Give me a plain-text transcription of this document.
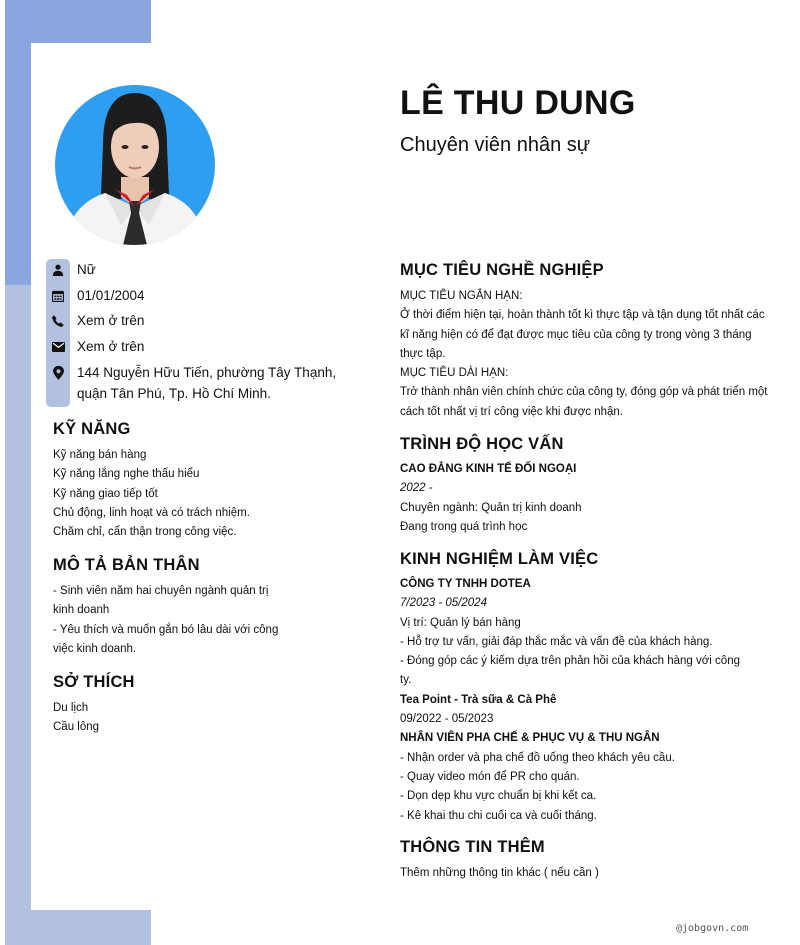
LÊ THU DUNG
Chuyên viên nhân sự
Nữ
01/01/2004
Xem ở trên
Xem ở trên
144 Nguyễn Hữu Tiến, phường Tây Thạnh, quận Tân Phú, Tp. Hồ Chí Minh.
KỸ NĂNG
Kỹ năng bán hàng
Kỹ năng lắng nghe thấu hiểu
Kỹ năng giao tiếp tốt
Chủ động, linh hoạt và có trách nhiệm.
Chăm chỉ, cẩn thận trong công việc.
MÔ TẢ BẢN THÂN
- Sinh viên năm hai chuyên ngành quản trị
kinh doanh
- Yêu thích và muốn gắn bó lâu dài với công
việc kinh doanh.
SỞ THÍCH
Du lịch
Cầu lông
MỤC TIÊU NGHỀ NGHIỆP
MỤC TIÊU NGẮN HẠN:
Ở thời điểm hiện tại, hoàn thành tốt kì thực tập và tận dụng tốt nhất các
kĩ năng hiện có để đạt được mục tiêu của công ty trong vòng 3 tháng
thực tập.
MỤC TIÊU DÀI HẠN:
Trở thành nhân viên chính chức của công ty, đóng góp và phát triển một
cách tốt nhất vị trí công việc khi được nhận.
TRÌNH ĐỘ HỌC VẤN
CAO ĐẲNG KINH TẾ ĐỐI NGOẠI
2022 -
Chuyên ngành: Quản trị kinh doanh
Đang trong quá trình học
KINH NGHIỆM LÀM VIỆC
CÔNG TY TNHH DOTEA
7/2023 - 05/2024
Vị trí: Quản lý bán hàng
- Hỗ trợ tư vấn, giải đáp thắc mắc và vấn đề của khách hàng.
- Đóng góp các ý kiếm dựa trên phản hồi của khách hàng với công
ty.
Tea Point - Trà sữa & Cà Phê
09/2022 - 05/2023
NHÂN VIÊN PHA CHẾ & PHỤC VỤ & THU NGÂN
- Nhận order và pha chế đồ uống theo khách yêu cầu.
- Quay video món để PR cho quán.
- Dọn dẹp khu vực chuẩn bị khi kết ca.
- Kê khai thu chi cuối ca và cuối tháng.
THÔNG TIN THÊM
Thêm những thông tin khác ( nếu cần )
@jobgovn.com
